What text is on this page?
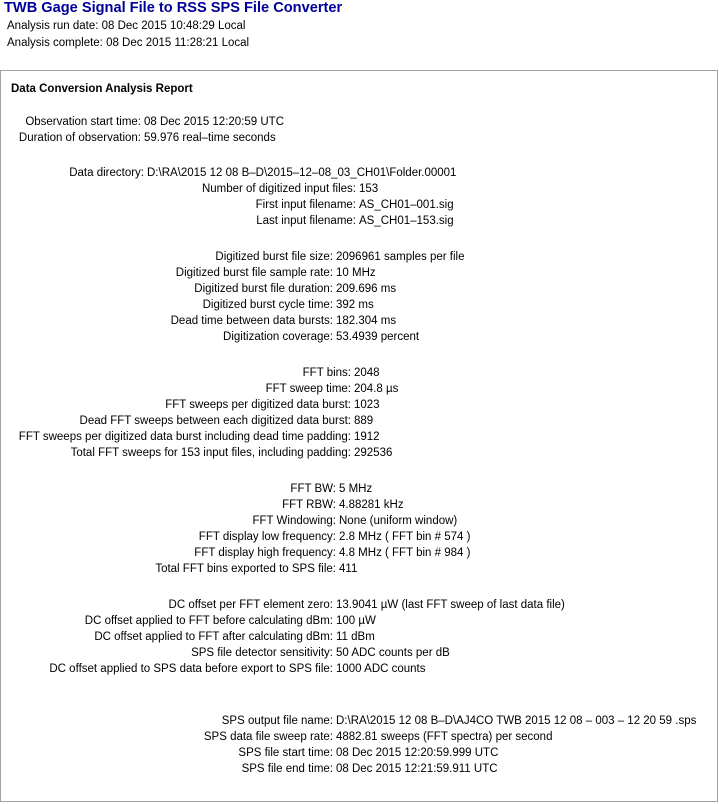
TWB Gage Signal File to RSS SPS File Converter
Analysis run date: 08 Dec 2015 10:48:29 Local
Analysis complete: 08 Dec 2015 11:28:21 Local
Data Conversion Analysis Report
Observation start time: 08 Dec 2015 12:20:59 UTC
Duration of observation: 59.976 real–time seconds
Data directory: D:\RA\2015 12 08 B–D\2015–12–08_03_CH01\Folder.00001
Number of digitized input files: 153
First input filename: AS_CH01–001.sig
Last input filename: AS_CH01–153.sig
Digitized burst file size: 2096961 samples per file
Digitized burst file sample rate: 10 MHz
Digitized burst file duration: 209.696 ms
Digitized burst cycle time: 392 ms
Dead time between data bursts: 182.304 ms
Digitization coverage: 53.4939 percent
FFT bins: 2048
FFT sweep time: 204.8 µs
FFT sweeps per digitized data burst: 1023
Dead FFT sweeps between each digitized data burst: 889
FFT sweeps per digitized data burst including dead time padding: 1912
Total FFT sweeps for 153 input files, including padding: 292536
FFT BW: 5 MHz
FFT RBW: 4.88281 kHz
FFT Windowing: None (uniform window)
FFT display low frequency: 2.8 MHz ( FFT bin # 574 )
FFT display high frequency: 4.8 MHz ( FFT bin # 984 )
Total FFT bins exported to SPS file: 411
DC offset per FFT element zero: 13.9041 µW (last FFT sweep of last data file)
DC offset applied to FFT before calculating dBm: 100 µW
DC offset applied to FFT after calculating dBm: 11 dBm
SPS file detector sensitivity: 50 ADC counts per dB
DC offset applied to SPS data before export to SPS file: 1000 ADC counts
SPS output file name: D:\RA\2015 12 08 B–D\AJ4CO TWB 2015 12 08 – 003 – 12 20 59 .sps
SPS data file sweep rate: 4882.81 sweeps (FFT spectra) per second
SPS file start time: 08 Dec 2015 12:20:59.999 UTC
SPS file end time: 08 Dec 2015 12:21:59.911 UTC
